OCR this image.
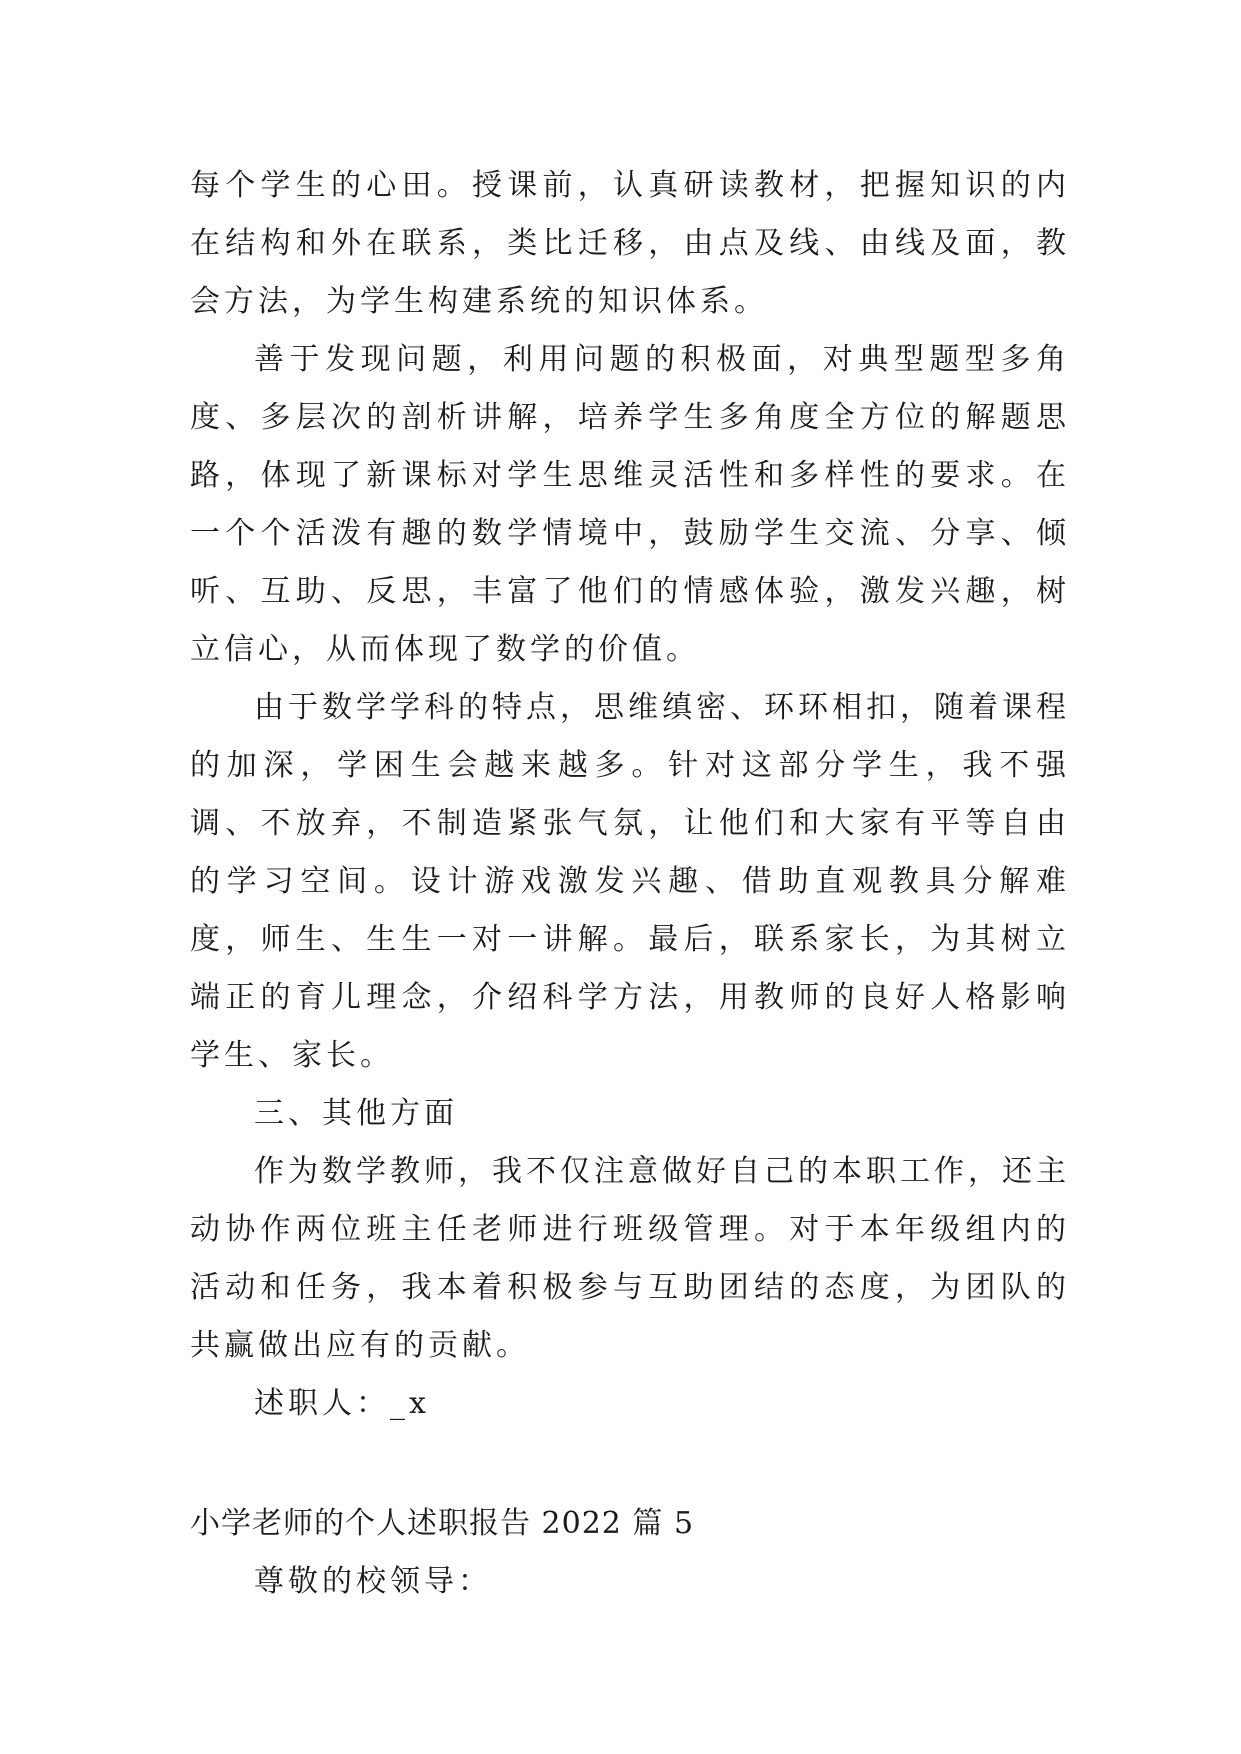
每个学生的心田。授课前，认真研读教材，把握知识的内在结构和外在联系，类比迁移，由点及线、由线及面，教会方法，为学生构建系统的知识体系。

善于发现问题，利用问题的积极面，对典型题型多角度、多层次的剖析讲解，培养学生多角度全方位的解题思路，体现了新课标对学生思维灵活性和多样性的要求。在一个个活泼有趣的数学情境中，鼓励学生交流、分享、倾听、互助、反思，丰富了他们的情感体验，激发兴趣，树立信心，从而体现了数学的价值。

由于数学学科的特点，思维缜密、环环相扣，随着课程的加深，学困生会越来越多。针对这部分学生，我不强调、不放弃，不制造紧张气氛，让他们和大家有平等自由的学习空间。设计游戏激发兴趣、借助直观教具分解难度，师生、生生一对一讲解。最后，联系家长，为其树立端正的育儿理念，介绍科学方法，用教师的良好人格影响学生、家长。

三、其他方面

作为数学教师，我不仅注意做好自己的本职工作，还主动协作两位班主任老师进行班级管理。对于本年级组内的活动和任务，我本着积极参与互助团结的态度，为团队的共赢做出应有的贡献。

述职人：_x

小学老师的个人述职报告 2022 篇 5

尊敬的校领导：
